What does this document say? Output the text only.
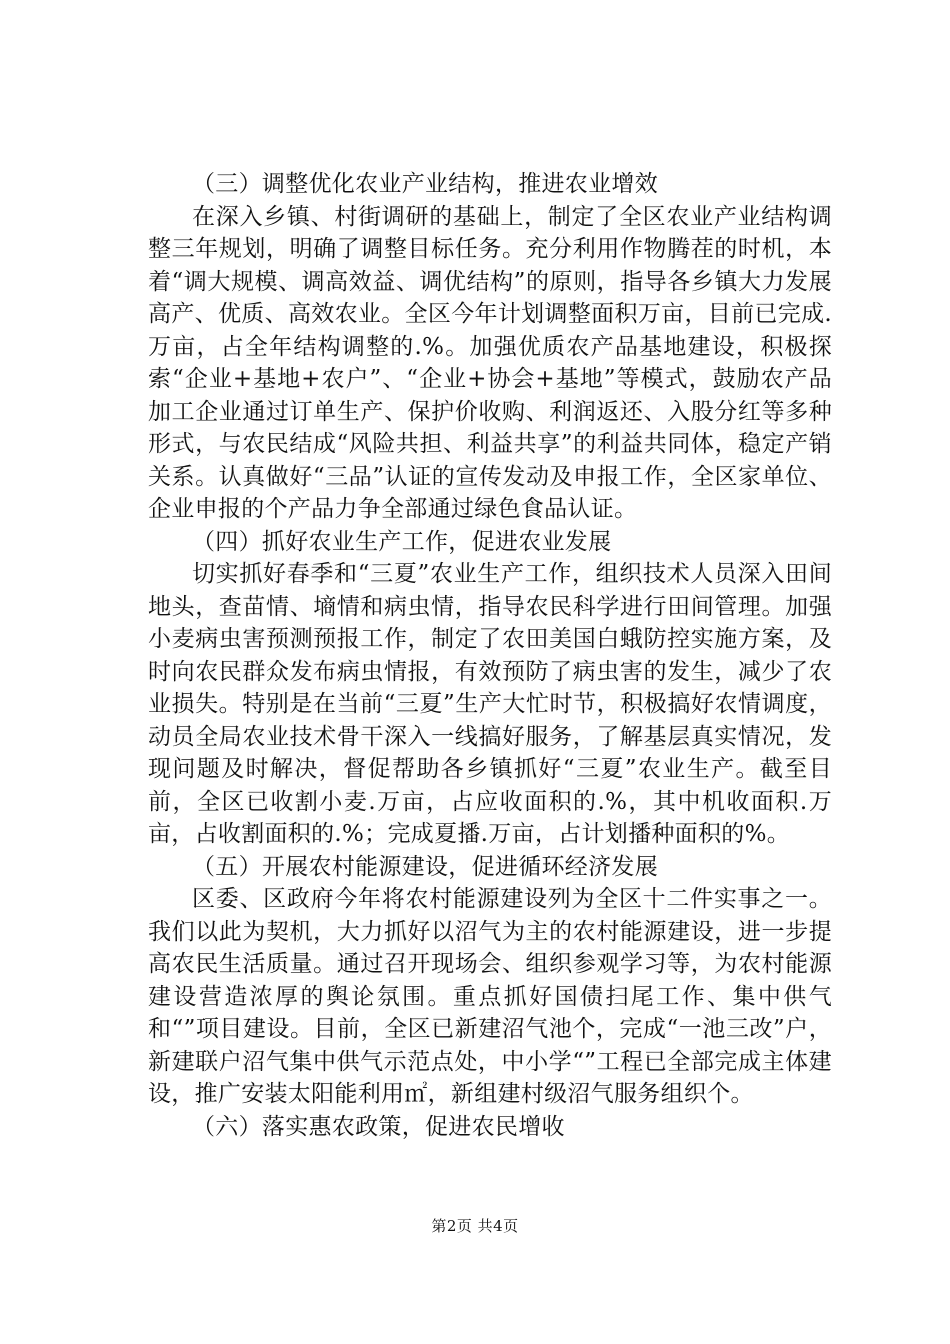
（三）调整优化农业产业结构，推进农业增效

在深入乡镇、村街调研的基础上，制定了全区农业产业结构调整三年规划，明确了调整目标任务。充分利用作物腾茬的时机，本着“调大规模、调高效益、调优结构”的原则，指导各乡镇大力发展高产、优质、高效农业。全区今年计划调整面积万亩，目前已完成.万亩，占全年结构调整的.%。加强优质农产品基地建设，积极探索“企业+基地+农户”、“企业+协会+基地”等模式，鼓励农产品加工企业通过订单生产、保护价收购、利润返还、入股分红等多种形式，与农民结成“风险共担、利益共享”的利益共同体，稳定产销关系。认真做好“三品”认证的宣传发动及申报工作，全区家单位、企业申报的个产品力争全部通过绿色食品认证。

（四）抓好农业生产工作，促进农业发展

切实抓好春季和“三夏”农业生产工作，组织技术人员深入田间地头，查苗情、墒情和病虫情，指导农民科学进行田间管理。加强小麦病虫害预测预报工作，制定了农田美国白蛾防控实施方案，及时向农民群众发布病虫情报，有效预防了病虫害的发生，减少了农业损失。特别是在当前“三夏”生产大忙时节，积极搞好农情调度，动员全局农业技术骨干深入一线搞好服务，了解基层真实情况，发现问题及时解决，督促帮助各乡镇抓好“三夏”农业生产。截至目前，全区已收割小麦.万亩，占应收面积的.%，其中机收面积.万亩，占收割面积的.%；完成夏播.万亩，占计划播种面积的%。

（五）开展农村能源建设，促进循环经济发展

区委、区政府今年将农村能源建设列为全区十二件实事之一。我们以此为契机，大力抓好以沼气为主的农村能源建设，进一步提高农民生活质量。通过召开现场会、组织参观学习等，为农村能源建设营造浓厚的舆论氛围。重点抓好国债扫尾工作、集中供气和“”项目建设。目前，全区已新建沼气池个，完成“一池三改”户，新建联户沼气集中供气示范点处，中小学“”工程已全部完成主体建设，推广安装太阳能利用㎡，新组建村级沼气服务组织个。

（六）落实惠农政策，促进农民增收

第2页 共4页
